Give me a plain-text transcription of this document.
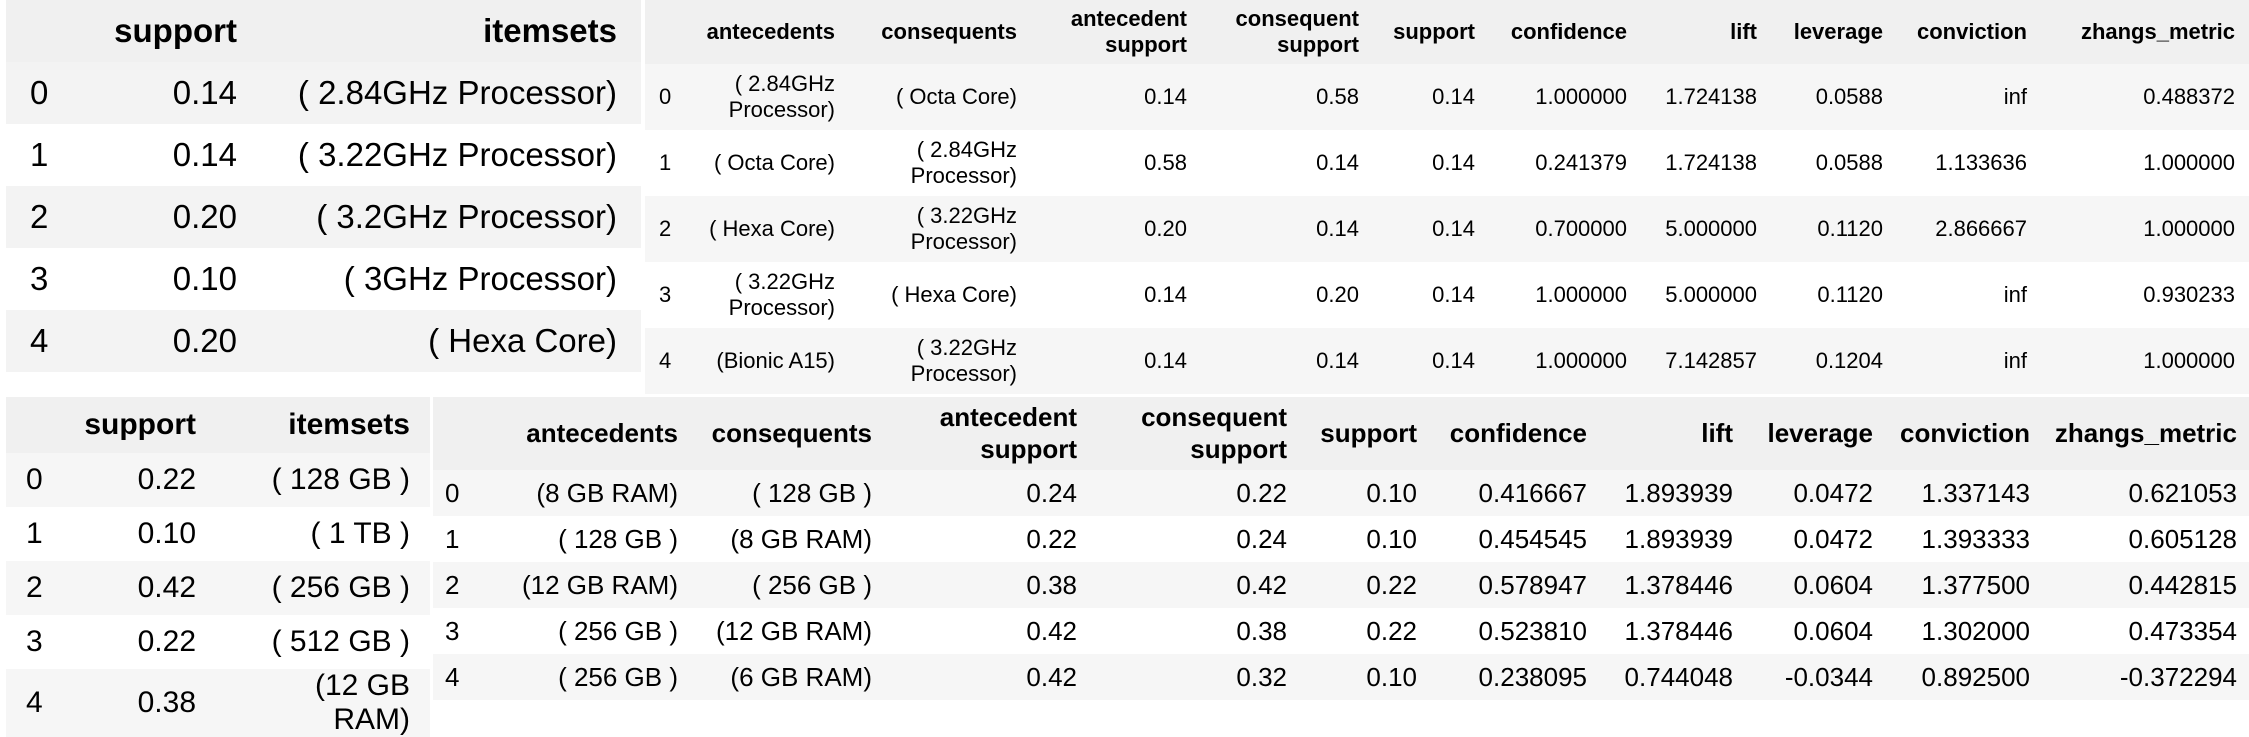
	support	itemsets
0	0.14	( 2.84GHz Processor)
1	0.14	( 3.22GHz Processor)
2	0.20	( 3.2GHz Processor)
3	0.10	( 3GHz Processor)
4	0.20	( Hexa Core)
	antecedents	consequents	antecedent support	consequent support	support	confidence	lift	leverage	conviction	zhangs_metric
0	( 2.84GHz Processor)	( Octa Core)	0.14	0.58	0.14	1.000000	1.724138	0.0588	inf	0.488372
1	( Octa Core)	( 2.84GHz Processor)	0.58	0.14	0.14	0.241379	1.724138	0.0588	1.133636	1.000000
2	( Hexa Core)	( 3.22GHz Processor)	0.20	0.14	0.14	0.700000	5.000000	0.1120	2.866667	1.000000
3	( 3.22GHz Processor)	( Hexa Core)	0.14	0.20	0.14	1.000000	5.000000	0.1120	inf	0.930233
4	(Bionic A15)	( 3.22GHz Processor)	0.14	0.14	0.14	1.000000	7.142857	0.1204	inf	1.000000
	support	itemsets
0	0.22	( 128 GB )
1	0.10	( 1 TB )
2	0.42	( 256 GB )
3	0.22	( 512 GB )
4	0.38	(12 GB RAM)
	antecedents	consequents	antecedent support	consequent support	support	confidence	lift	leverage	conviction	zhangs_metric
0	(8 GB RAM)	( 128 GB )	0.24	0.22	0.10	0.416667	1.893939	0.0472	1.337143	0.621053
1	( 128 GB )	(8 GB RAM)	0.22	0.24	0.10	0.454545	1.893939	0.0472	1.393333	0.605128
2	(12 GB RAM)	( 256 GB )	0.38	0.42	0.22	0.578947	1.378446	0.0604	1.377500	0.442815
3	( 256 GB )	(12 GB RAM)	0.42	0.38	0.22	0.523810	1.378446	0.0604	1.302000	0.473354
4	( 256 GB )	(6 GB RAM)	0.42	0.32	0.10	0.238095	0.744048	-0.0344	0.892500	-0.372294
